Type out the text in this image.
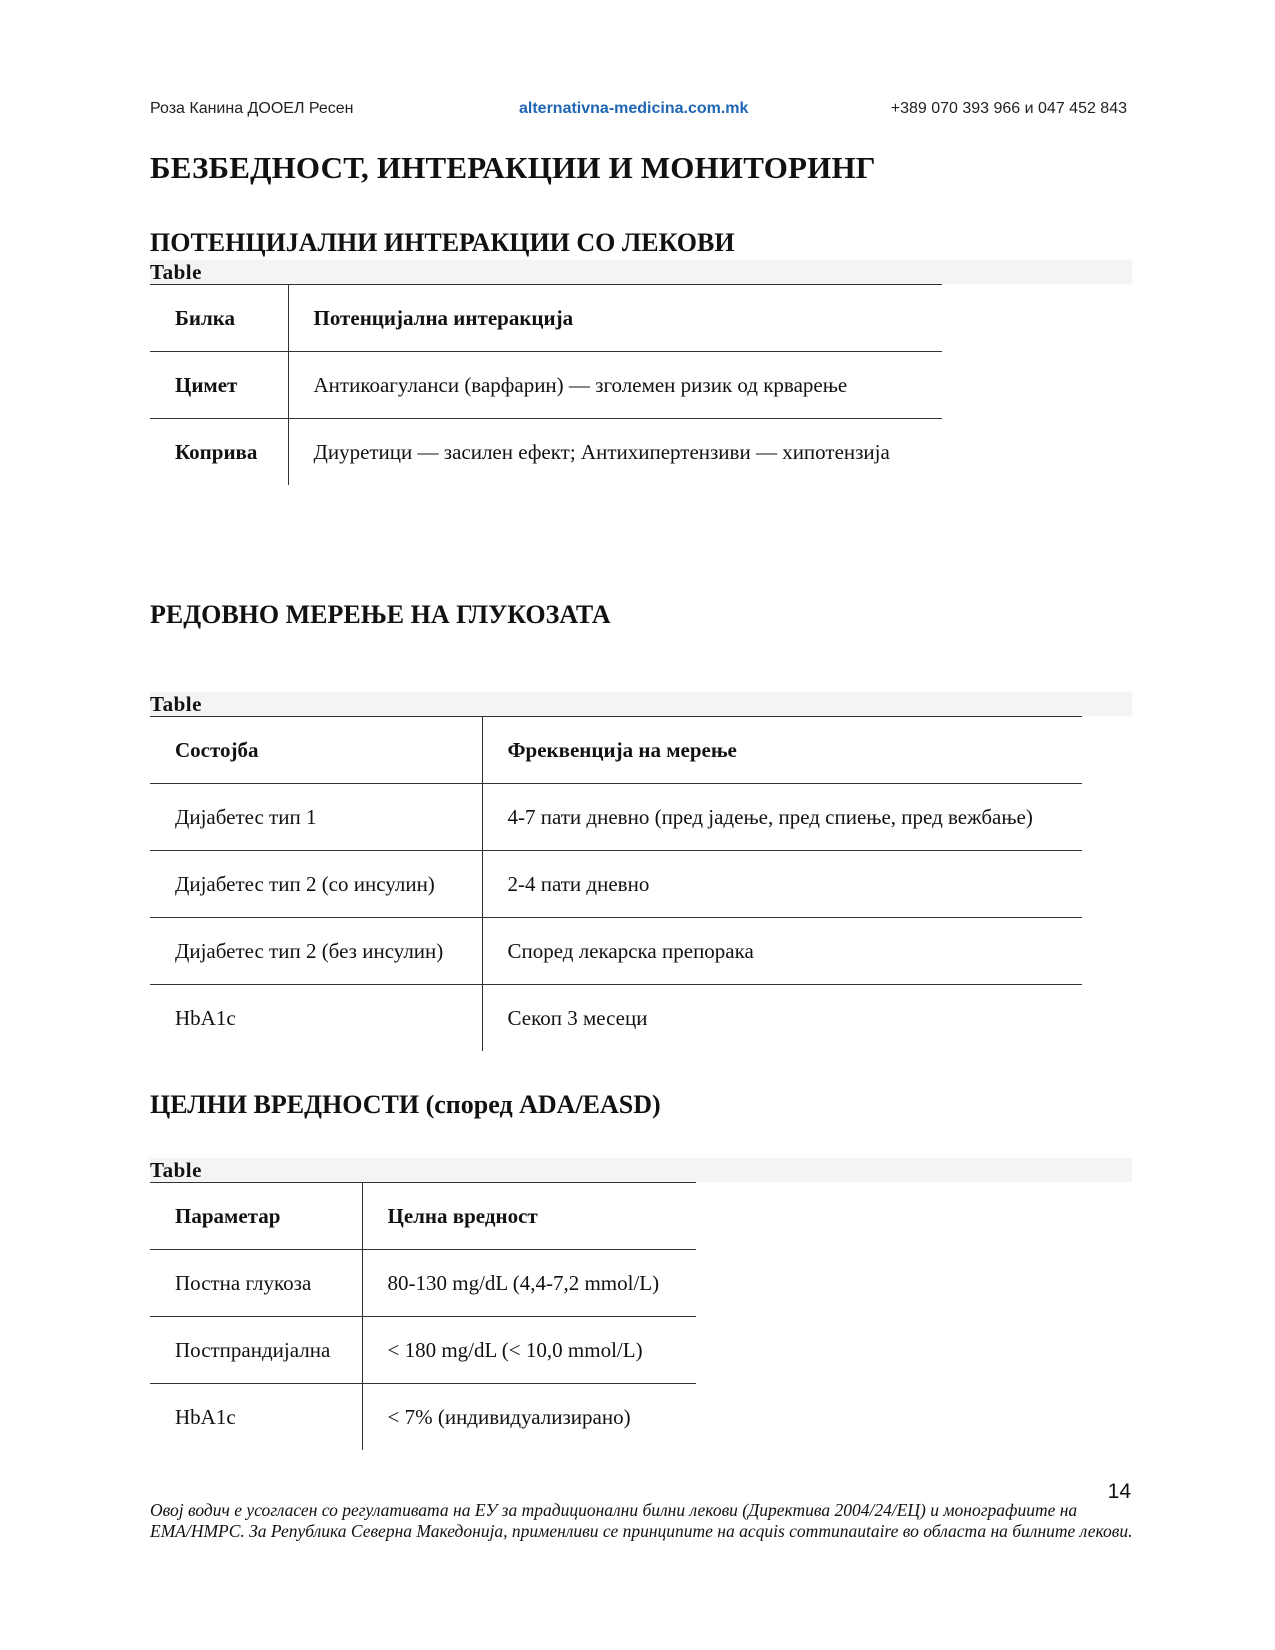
Роза Канина ДООЕЛ Ресен	alternativna-medicina.com.mk	+389 070 393 966 и 047 452 843
БЕЗБЕДНОСТ, ИНТЕРАКЦИИ И МОНИТОРИНГ
ПОТЕНЦИЈАЛНИ ИНТЕРАКЦИИ СО ЛЕКОВИ
Table
Билка	Потенцијална интеракција
Цимет	Антикоагуланси (варфарин) — зголемен ризик од крварење
Коприва	Диуретици — засилен ефект; Антихипертензиви — хипотензија
РЕДОВНО МЕРЕЊЕ НА ГЛУКОЗАТА
Table
Состојба	Фреквенција на мерење
Дијабетес тип 1	4-7 пати дневно (пред јадење, пред спиење, пред вежбање)
Дијабетес тип 2 (со инсулин)	2-4 пати дневно
Дијабетес тип 2 (без инсулин)	Според лекарска препорака
HbA1c	Секоп 3 месеци
ЦЕЛНИ ВРЕДНОСТИ (според ADA/EASD)
Table
Параметар	Целна вредност
Постна глукоза	80-130 mg/dL (4,4-7,2 mmol/L)
Постпрандијална	< 180 mg/dL (< 10,0 mmol/L)
HbA1c	< 7% (индивидуализирано)
14

Овој водич е усогласен со регулативата на ЕУ за традиционални билни лекови (Директива 2004/24/ЕЦ) и монографиите на EMA/HMPC. За Република Северна Македонија, применливи се принципите на acquis communautaire во областа на билните лекови.
